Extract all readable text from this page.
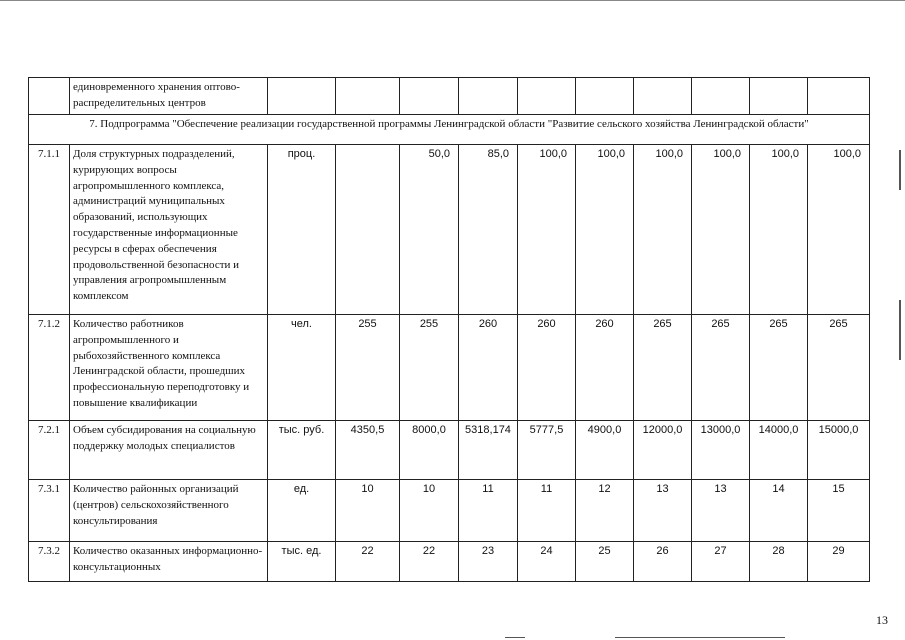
	единовременного хранения оптово-распределительных центров										
7. Подпрограмма "Обеспечение реализации государственной программы Ленинградской области "Развитие сельского хозяйства Ленинградской области"											
7.1.1	Доля структурных подразделений, курирующих вопросы агропромышленного комплекса, администраций муниципальных образований, использующих государственные информационные ресурсы в сферах обеспечения продовольственной безопасности и управления агропромышленным комплексом	проц.		50,0	85,0	100,0	100,0	100,0	100,0	100,0	100,0
7.1.2	Количество работников агропромышленного и рыбохозяйственного комплекса Ленинградской области, прошедших профессиональную переподготовку и повышение квалификации	чел.	255	255	260	260	260	265	265	265	265
7.2.1	Объем субсидирования на социальную поддержку молодых специалистов	тыс. руб.	4350,5	8000,0	5318,174	5777,5	4900,0	12000,0	13000,0	14000,0	15000,0
7.3.1	Количество районных организаций (центров) сельскохозяйственного консультирования	ед.	10	10	11	11	12	13	13	14	15
7.3.2	Количество оказанных информационно-консультационных	тыс. ед.	22	22	23	24	25	26	27	28	29
13
